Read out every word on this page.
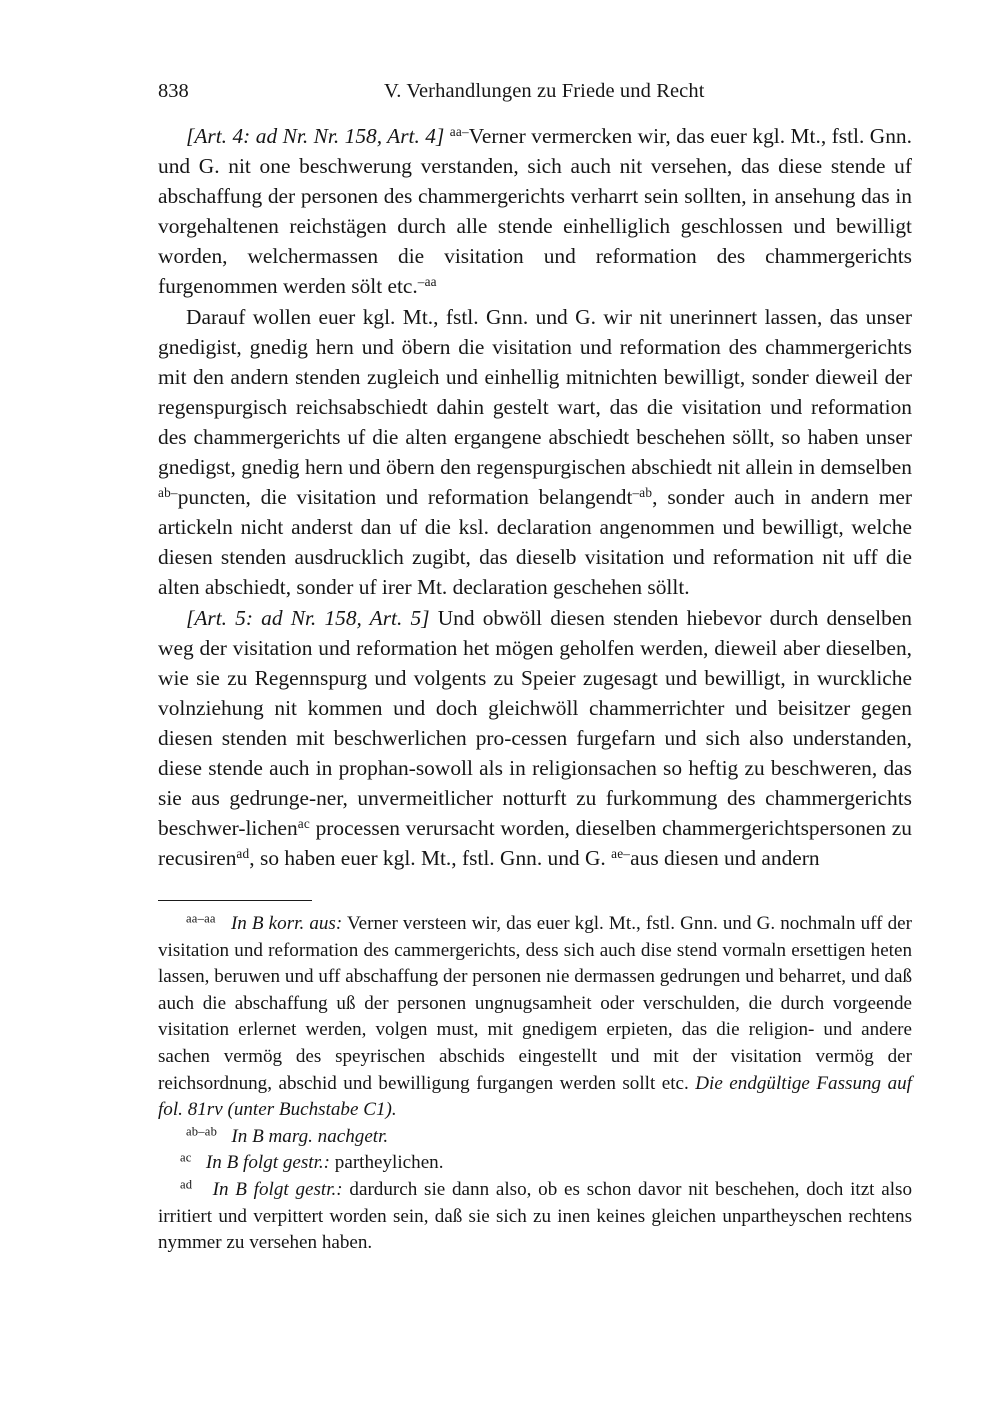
838	V. Verhandlungen zu Friede und Recht

[Art. 4: ad Nr. Nr. 158, Art. 4] $^{aa-}$Verner vermercken wir, das euer kgl. Mt., fstl. Gnn. und G. nit one beschwerung verstanden, sich auch nit versehen, das diese stende uf abschaffung der personen des chammergerichts verharrt sein sollten, in ansehung das in vorgehaltenen reichstägen durch alle stende einhelliglich geschlossen und bewilligt worden, welchermassen die visitation und reformation des chammergerichts furgenommen werden sölt etc.$^{-aa}$

Darauf wollen euer kgl. Mt., fstl. Gnn. und G. wir nit unerinnert lassen, das unser gnedigist, gnedig hern und öbern die visitation und reformation des chammergerichts mit den andern stenden zugleich und einhellig mitnichten bewilligt, sonder dieweil der regenspurgisch reichsabschiedt dahin gestelt wart, das die visitation und reformation des chammergerichts uf die alten ergangene abschiedt beschehen söllt, so haben unser gnedigst, gnedig hern und öbern den regenspurgischen abschiedt nit allein in demselben $^{ab-}$puncten, die visitation und reformation belangendt$^{-ab}$, sonder auch in andern mer artickeln nicht anderst dan uf die ksl. declaration angenommen und bewilligt, welche diesen stenden ausdrucklich zugibt, das dieselb visitation und reformation nit uff die alten abschiedt, sonder uf irer Mt. declaration geschehen söllt.

[Art. 5: ad Nr. 158, Art. 5] Und obwöll diesen stenden hiebevor durch denselben weg der visitation und reformation het mögen geholfen werden, dieweil aber dieselben, wie sie zu Regennspurg und volgents zu Speier zugesagt und bewilligt, in wurckliche volnziehung nit kommen und doch gleichwöll chammerrichter und beisitzer gegen diesen stenden mit beschwerlichen pro-cessen furgefarn und sich also understanden, diese stende auch in prophan-sowoll als in religionsachen so heftig zu beschweren, das sie aus gedrunge-ner, unvermeitlicher notturft zu furkommung des chammergerichts beschwer-lichen$^{ac}$ processen verursacht worden, dieselben chammergerichtspersonen zu recusiren$^{ad}$, so haben euer kgl. Mt., fstl. Gnn. und G. $^{ae-}$aus diesen und andern

$^{aa-aa}$ In B korr. aus: Verner versteen wir, das euer kgl. Mt., fstl. Gnn. und G. nochmaln uff der visitation und reformation des cammergerichts, dess sich auch dise stend vormaln ersettigen heten lassen, beruwen und uff abschaffung der personen nie dermassen gedrungen und beharret, und daß auch die abschaffung uß der personen ungnugsamheit oder verschulden, die durch vorgeende visitation erlernet werden, volgen must, mit gnedigem erpieten, das die religion- und andere sachen vermög des speyrischen abschids eingestellt und mit der visitation vermög der reichsordnung, abschid und bewilligung furgangen werden sollt etc. Die endgültige Fassung auf fol. 81rv (unter Buchstabe C1).

$^{ab-ab}$ In B marg. nachgetr.

$^{ac}$ In B folgt gestr.: partheylichen.

$^{ad}$ In B folgt gestr.: dardurch sie dann also, ob es schon davor nit beschehen, doch itzt also irritiert und verpittert worden sein, daß sie sich zu inen keines gleichen unpartheyschen rechtens nymmer zu versehen haben.
